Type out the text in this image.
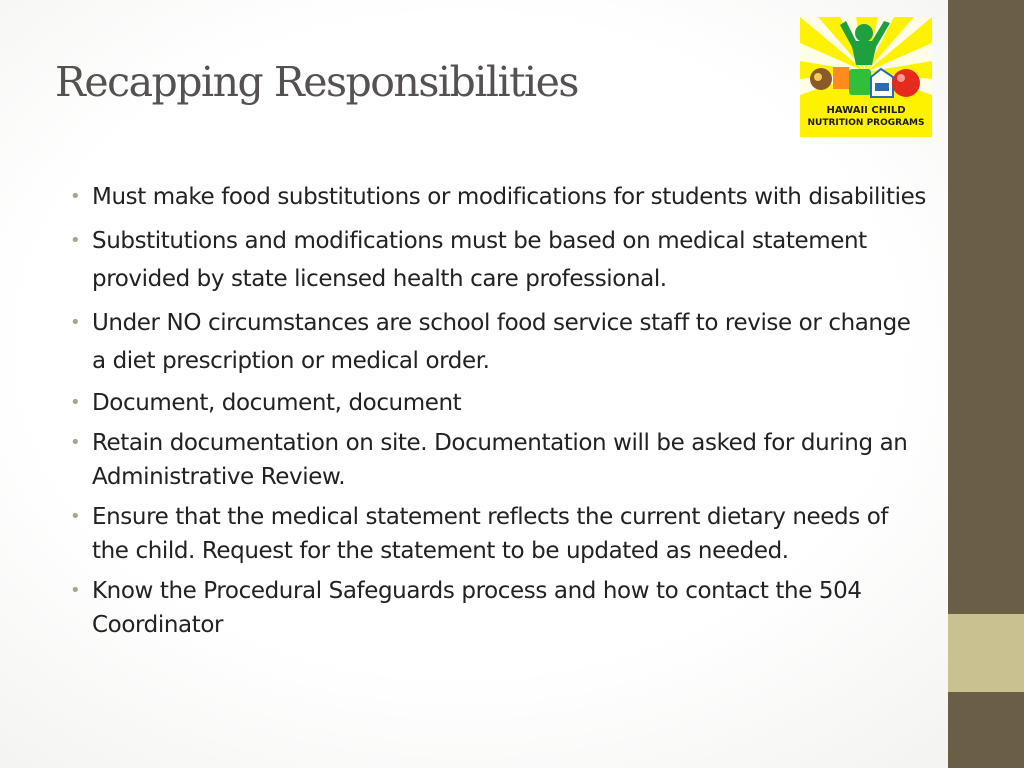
Recapping Responsibilities
HAWAII CHILD
NUTRITION PROGRAMS
• Must make food substitutions or modifications for students with disabilities
• Substitutions and modifications must be based on medical statement provided by state licensed health care professional.
• Under NO circumstances are school food service staff to revise or change a diet prescription or medical order.
• Document, document, document
• Retain documentation on site. Documentation will be asked for during an Administrative Review.
• Ensure that the medical statement reflects the current dietary needs of the child. Request for the statement to be updated as needed.
• Know the Procedural Safeguards process and how to contact the 504 Coordinator
